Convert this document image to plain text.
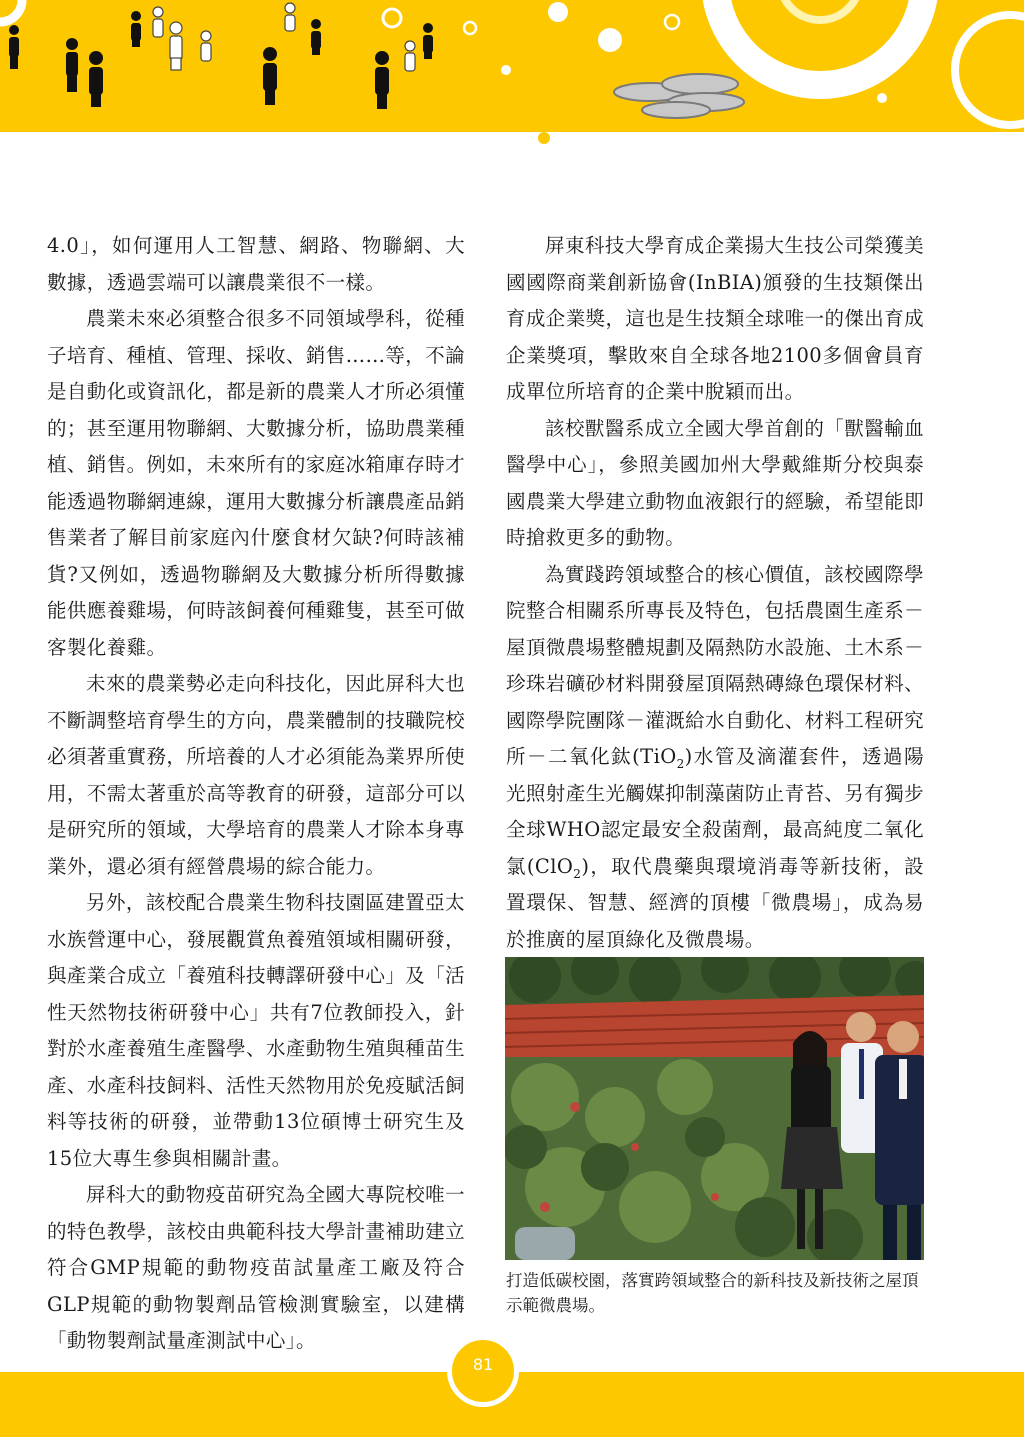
4.0」，如何運用人工智慧、網路、物聯網、大數據，透過雲端可以讓農業很不一樣。

農業未來必須整合很多不同領域學科，從種子培育、種植、管理、採收、銷售……等，不論是自動化或資訊化，都是新的農業人才所必須懂的；甚至運用物聯網、大數據分析，協助農業種植、銷售。例如，未來所有的家庭冰箱庫存時才能透過物聯網連線，運用大數據分析讓農產品銷售業者了解目前家庭內什麼食材欠缺?何時該補貨?又例如，透過物聯網及大數據分析所得數據能供應養雞場，何時該飼養何種雞隻，甚至可做客製化養雞。

未來的農業勢必走向科技化，因此屏科大也不斷調整培育學生的方向，農業體制的技職院校必須著重實務，所培養的人才必須能為業界所使用，不需太著重於高等教育的研發，這部分可以是研究所的領域，大學培育的農業人才除本身專業外，還必須有經營農場的綜合能力。

另外，該校配合農業生物科技園區建置亞太水族營運中心，發展觀賞魚養殖領域相關研發，與產業合成立「養殖科技轉譯研發中心」及「活性天然物技術研發中心」共有7位教師投入，針對於水產養殖生產醫學、水產動物生殖與種苗生產、水產科技飼料、活性天然物用於免疫賦活飼料等技術的研發，並帶動13位碩博士研究生及15位大專生參與相關計畫。

屏科大的動物疫苗研究為全國大專院校唯一的特色教學，該校由典範科技大學計畫補助建立符合GMP規範的動物疫苗試量產工廠及符合GLP規範的動物製劑品管檢測實驗室，以建構「動物製劑試量產測試中心」。

屏東科技大學育成企業揚大生技公司榮獲美國國際商業創新協會(InBIA)頒發的生技類傑出育成企業獎，這也是生技類全球唯一的傑出育成企業獎項，擊敗來自全球各地2100多個會員育成單位所培育的企業中脫穎而出。

該校獸醫系成立全國大學首創的「獸醫輸血醫學中心」，參照美國加州大學戴維斯分校與泰國農業大學建立動物血液銀行的經驗，希望能即時搶救更多的動物。

為實踐跨領域整合的核心價值，該校國際學院整合相關系所專長及特色，包括農園生產系－屋頂微農場整體規劃及隔熱防水設施、土木系－珍珠岩礦砂材料開發屋頂隔熱磚綠色環保材料、國際學院團隊－灌溉給水自動化、材料工程研究所－二氧化鈦(TiO$_2$)水管及滴灌套件，透過陽光照射產生光觸媒抑制藻菌防止青苔、另有獨步全球WHO認定最安全殺菌劑，最高純度二氧化氯(ClO$_2$)，取代農藥與環境消毒等新技術，設置環保、智慧、經濟的頂樓「微農場」，成為易於推廣的屋頂綠化及微農場。

打造低碳校園，落實跨領域整合的新科技及新技術之屋頂示範微農場。
81
